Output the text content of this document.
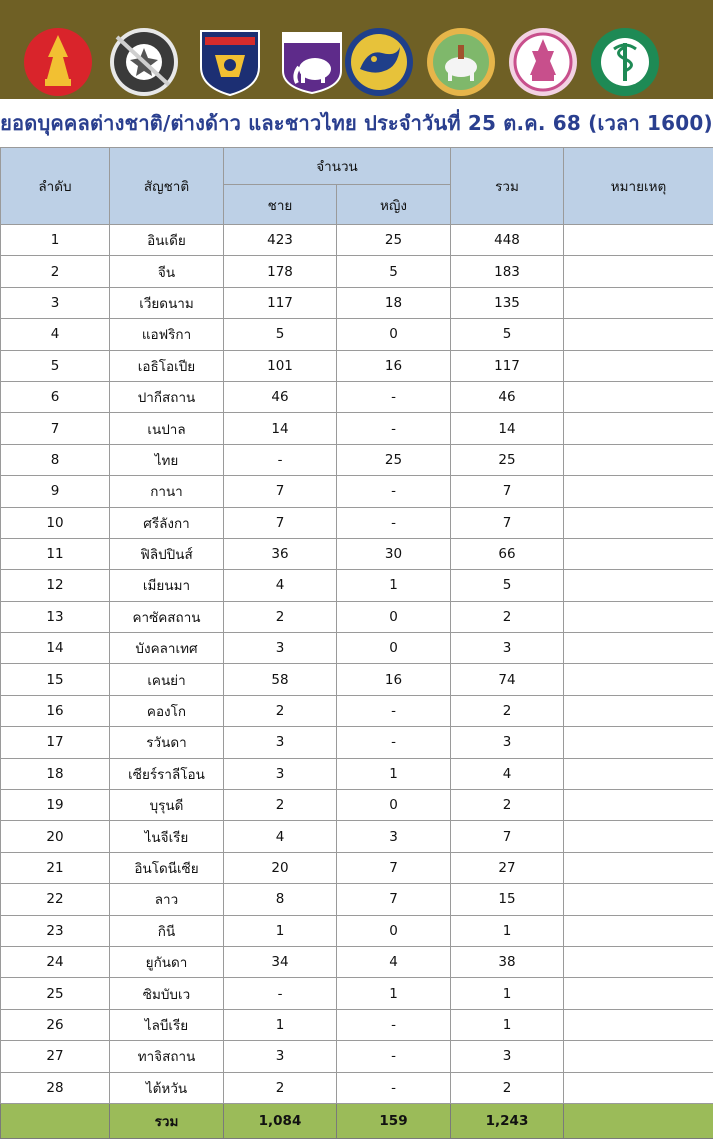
ยอดบุคคลต่างชาติ/ต่างด้าว และชาวไทย ประจำวันที่ 25 ต.ค. 68 (เวลา 1600)
ลำดับ	สัญชาติ	จำนวน		รวม	หมายเหตุ
		ชาย	หญิง		
1	อินเดีย	423	25	448	
2	จีน	178	5	183	
3	เวียดนาม	117	18	135	
4	แอฟริกา	5	0	5	
5	เอธิโอเปีย	101	16	117	
6	ปากีสถาน	46	-	46	
7	เนปาล	14	-	14	
8	ไทย	-	25	25	
9	กานา	7	-	7	
10	ศรีลังกา	7	-	7	
11	ฟิลิปปินส์	36	30	66	
12	เมียนมา	4	1	5	
13	คาซัคสถาน	2	0	2	
14	บังคลาเทศ	3	0	3	
15	เคนย่า	58	16	74	
16	คองโก	2	-	2	
17	รวันดา	3	-	3	
18	เซียร์ราลีโอน	3	1	4	
19	บุรุนดี	2	0	2	
20	ไนจีเรีย	4	3	7	
21	อินโดนีเซีย	20	7	27	
22	ลาว	8	7	15	
23	กินี	1	0	1	
24	ยูกันดา	34	4	38	
25	ซิมบับเว	-	1	1	
26	ไลบีเรีย	1	-	1	
27	ทาจิสถาน	3	-	3	
28	ไต้หวัน	2	-	2	
	รวม	1,084	159	1,243	
